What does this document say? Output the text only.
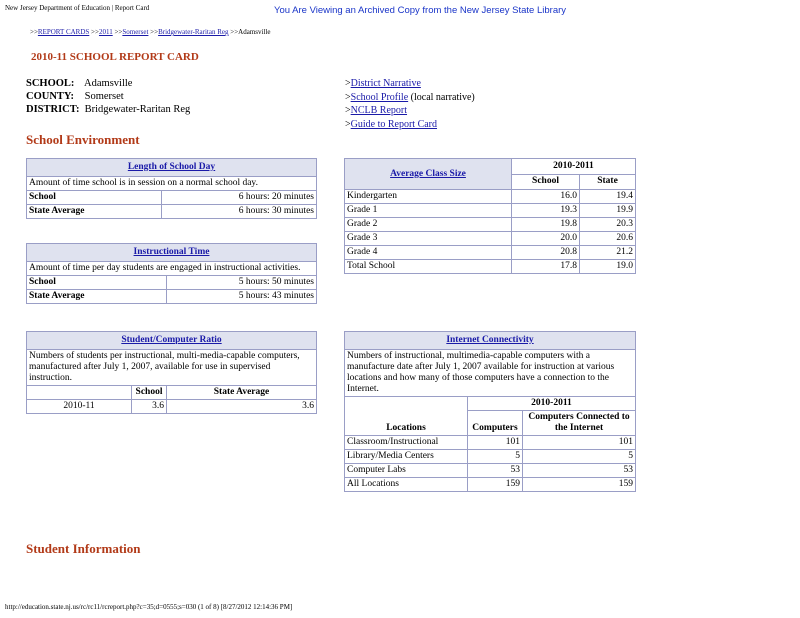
New Jersey Department of Education | Report Card	You Are Viewing an Archived Copy from the New Jersey State Library
>>REPORT CARDS >>2011 >>Somerset >>Bridgewater-Raritan Reg >>Adamsville
2010-11 SCHOOL REPORT CARD
SCHOOL: Adamsville
COUNTY: Somerset
DISTRICT: Bridgewater-Raritan Reg
>District Narrative
>School Profile (local narrative)
>NCLB Report
>Guide to Report Card
School Environment
Length of School Day	
Amount of time school is in session on a normal school day.	
School	6 hours: 20 minutes
State Average	6 hours: 30 minutes
Instructional Time	
Amount of time per day students are engaged in instructional activities.	
School	5 hours: 50 minutes
State Average	5 hours: 43 minutes
Student/Computer Ratio		
Numbers of students per instructional, multi-media-capable computers, manufactured after July 1, 2007, available for use in supervised instruction.		
	School	State Average
2010-11	3.6	3.6
Average Class Size	2010-2011	
	School	State
Kindergarten	16.0	19.4
Grade 1	19.3	19.9
Grade 2	19.8	20.3
Grade 3	20.0	20.6
Grade 4	20.8	21.2
Total School	17.8	19.0
Internet Connectivity		
Numbers of instructional, multimedia-capable computers with a manufacture date after July 1, 2007 available for instruction at various locations and how many of those computers have a connection to the Internet.		
Locations	2010-2011	
	Computers	Computers Connected to the Internet
Classroom/Instructional	101	101
Library/Media Centers	5	5
Computer Labs	53	53
All Locations	159	159
Student Information
http://education.state.nj.us/rc/rc11/rcreport.php?c=35;d=0555;s=030 (1 of 8) [8/27/2012 12:14:36 PM]
